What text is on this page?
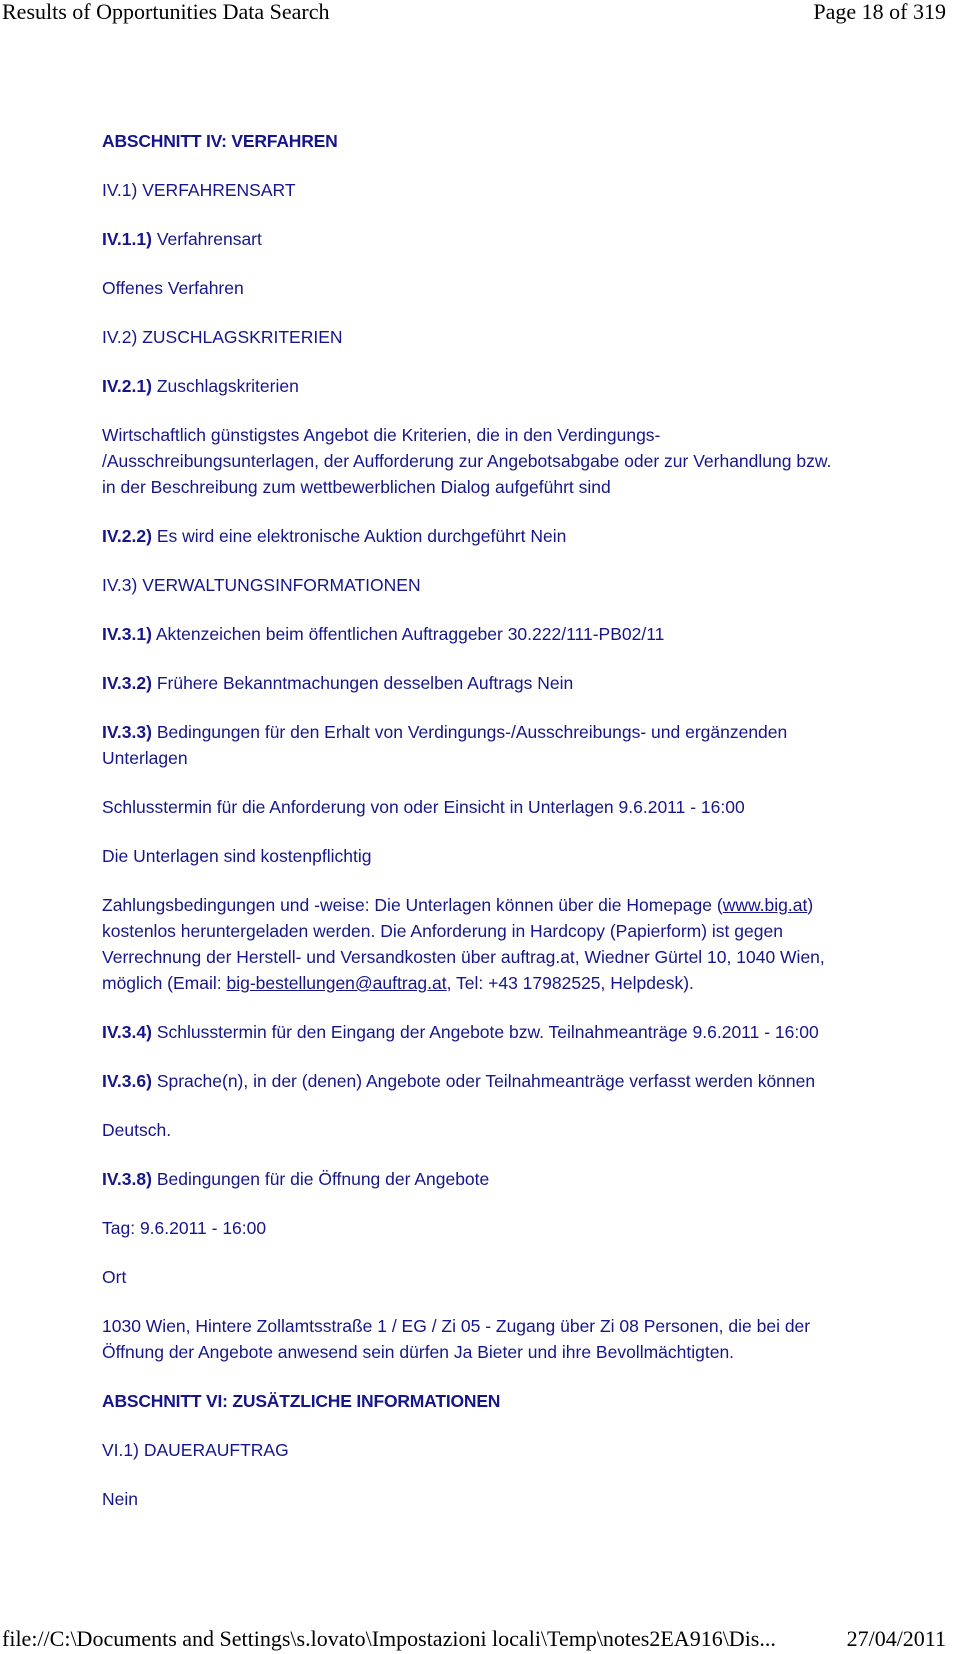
Results of Opportunities Data Search	Page 18 of 319
ABSCHNITT IV: VERFAHREN
IV.1) VERFAHRENSART
IV.1.1) Verfahrensart
Offenes Verfahren
IV.2) ZUSCHLAGSKRITERIEN
IV.2.1) Zuschlagskriterien
Wirtschaftlich günstigstes Angebot die Kriterien, die in den Verdingungs-
/Ausschreibungsunterlagen, der Aufforderung zur Angebotsabgabe oder zur Verhandlung bzw.
in der Beschreibung zum wettbewerblichen Dialog aufgeführt sind
IV.2.2) Es wird eine elektronische Auktion durchgeführt Nein
IV.3) VERWALTUNGSINFORMATIONEN
IV.3.1) Aktenzeichen beim öffentlichen Auftraggeber 30.222/111-PB02/11
IV.3.2) Frühere Bekanntmachungen desselben Auftrags Nein
IV.3.3) Bedingungen für den Erhalt von Verdingungs-/Ausschreibungs- und ergänzenden
Unterlagen
Schlusstermin für die Anforderung von oder Einsicht in Unterlagen 9.6.2011 - 16:00
Die Unterlagen sind kostenpflichtig
Zahlungsbedingungen und -weise: Die Unterlagen können über die Homepage (www.big.at)
kostenlos heruntergeladen werden. Die Anforderung in Hardcopy (Papierform) ist gegen
Verrechnung der Herstell- und Versandkosten über auftrag.at, Wiedner Gürtel 10, 1040 Wien,
möglich (Email: big-bestellungen@auftrag.at, Tel: +43 17982525, Helpdesk).
IV.3.4) Schlusstermin für den Eingang der Angebote bzw. Teilnahmeanträge 9.6.2011 - 16:00
IV.3.6) Sprache(n), in der (denen) Angebote oder Teilnahmeanträge verfasst werden können
Deutsch.
IV.3.8) Bedingungen für die Öffnung der Angebote
Tag: 9.6.2011 - 16:00
Ort
1030 Wien, Hintere Zollamtsstraße 1 / EG / Zi 05 - Zugang über Zi 08 Personen, die bei der
Öffnung der Angebote anwesend sein dürfen Ja Bieter und ihre Bevollmächtigten.
ABSCHNITT VI: ZUSÄTZLICHE INFORMATIONEN
VI.1) DAUERAUFTRAG
Nein
file://C:\Documents and Settings\s.lovato\Impostazioni locali\Temp\notes2EA916\Dis...	27/04/2011
